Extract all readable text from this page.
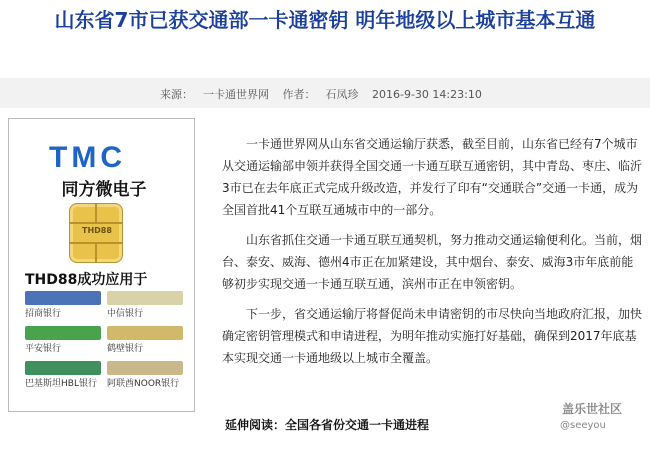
山东省7市已获交通部一卡通密钥 明年地级以上城市基本互通
来源： 一卡通世界网 作者： 石凤珍 2016-9-30 14:23:10
TMC
同方微电子
THD88
THD88成功应用于
招商银行	中信银行
平安银行	鹤壁银行
巴基斯坦HBL银行	阿联酋NOOR银行

一卡通世界网从山东省交通运输厅获悉，截至目前，山东省已经有7个城市从交通运输部申领并获得全国交通一卡通互联互通密钥，其中青岛、枣庄、临沂3市已在去年底正式完成升级改造，并发行了印有“交通联合”交通一卡通，成为全国首批41个互联互通城市中的一部分。

山东省抓住交通一卡通互联互通契机，努力推动交通运输便利化。当前，烟台、泰安、威海、德州4市正在加紧建设，其中烟台、泰安、威海3市年底前能够初步实现交通一卡通互联互通，滨州市正在申领密钥。

下一步，省交通运输厅将督促尚未申请密钥的市尽快向当地政府汇报，加快确定密钥管理模式和申请进程，为明年推动实施打好基础，确保到2017年底基本实现交通一卡通地级以上城市全覆盖。

延伸阅读：全国各省份交通一卡通进程
盖乐世社区
@seeyou
